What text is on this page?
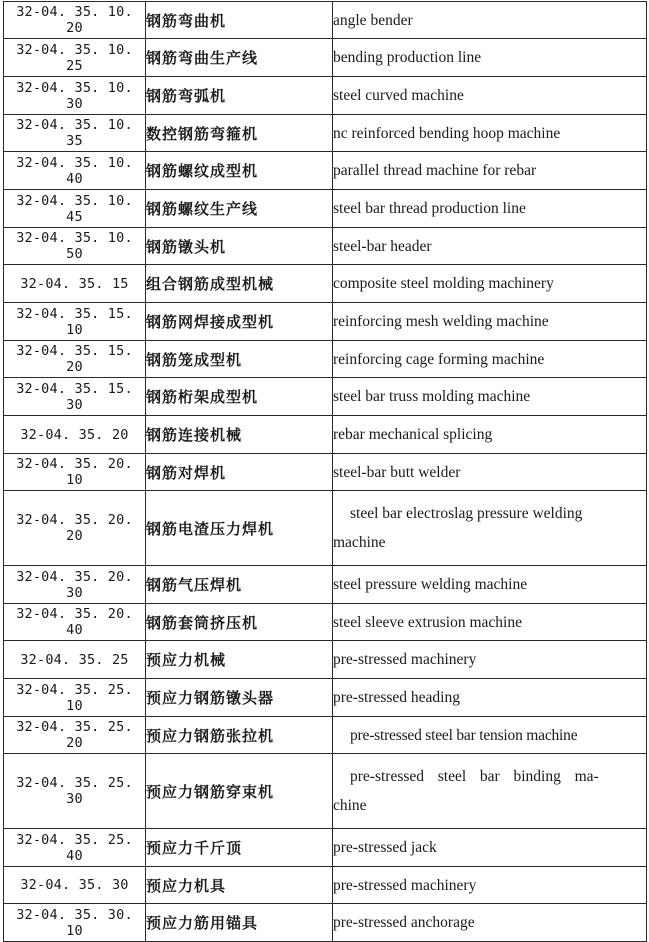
32-04. 35. 10. 20	钢筋弯曲机	angle bender
32-04. 35. 10. 25	钢筋弯曲生产线	bending production line
32-04. 35. 10. 30	钢筋弯弧机	steel curved machine
32-04. 35. 10. 35	数控钢筋弯箍机	nc reinforced bending hoop machine
32-04. 35. 10. 40	钢筋螺纹成型机	parallel thread machine for rebar
32-04. 35. 10. 45	钢筋螺纹生产线	steel bar thread production line
32-04. 35. 10. 50	钢筋镦头机	steel-bar header
32-04. 35. 15	组合钢筋成型机械	composite steel molding machinery
32-04. 35. 15. 10	钢筋网焊接成型机	reinforcing mesh welding machine
32-04. 35. 15. 20	钢筋笼成型机	reinforcing cage forming machine
32-04. 35. 15. 30	钢筋桁架成型机	steel bar truss molding machine
32-04. 35. 20	钢筋连接机械	rebar mechanical splicing
32-04. 35. 20. 10	钢筋对焊机	steel-bar butt welder
32-04. 35. 20. 20	钢筋电渣压力焊机	steel bar electroslag pressure welding
machine

32-04. 35. 20. 30	钢筋气压焊机	steel pressure welding machine
32-04. 35. 20. 40	钢筋套筒挤压机	steel sleeve extrusion machine
32-04. 35. 25	预应力机械	pre-stressed machinery
32-04. 35. 25. 10	预应力钢筋镦头器	pre-stressed heading
32-04. 35. 25. 20	预应力钢筋张拉机	pre-stressed steel bar tension machine
32-04. 35. 25. 30	预应力钢筋穿束机	pre-stressed  steel  bar  binding  ma-
chine

32-04. 35. 25. 40	预应力千斤顶	pre-stressed jack
32-04. 35. 30	预应力机具	pre-stressed machinery
32-04. 35. 30. 10	预应力筋用锚具	pre-stressed anchorage
